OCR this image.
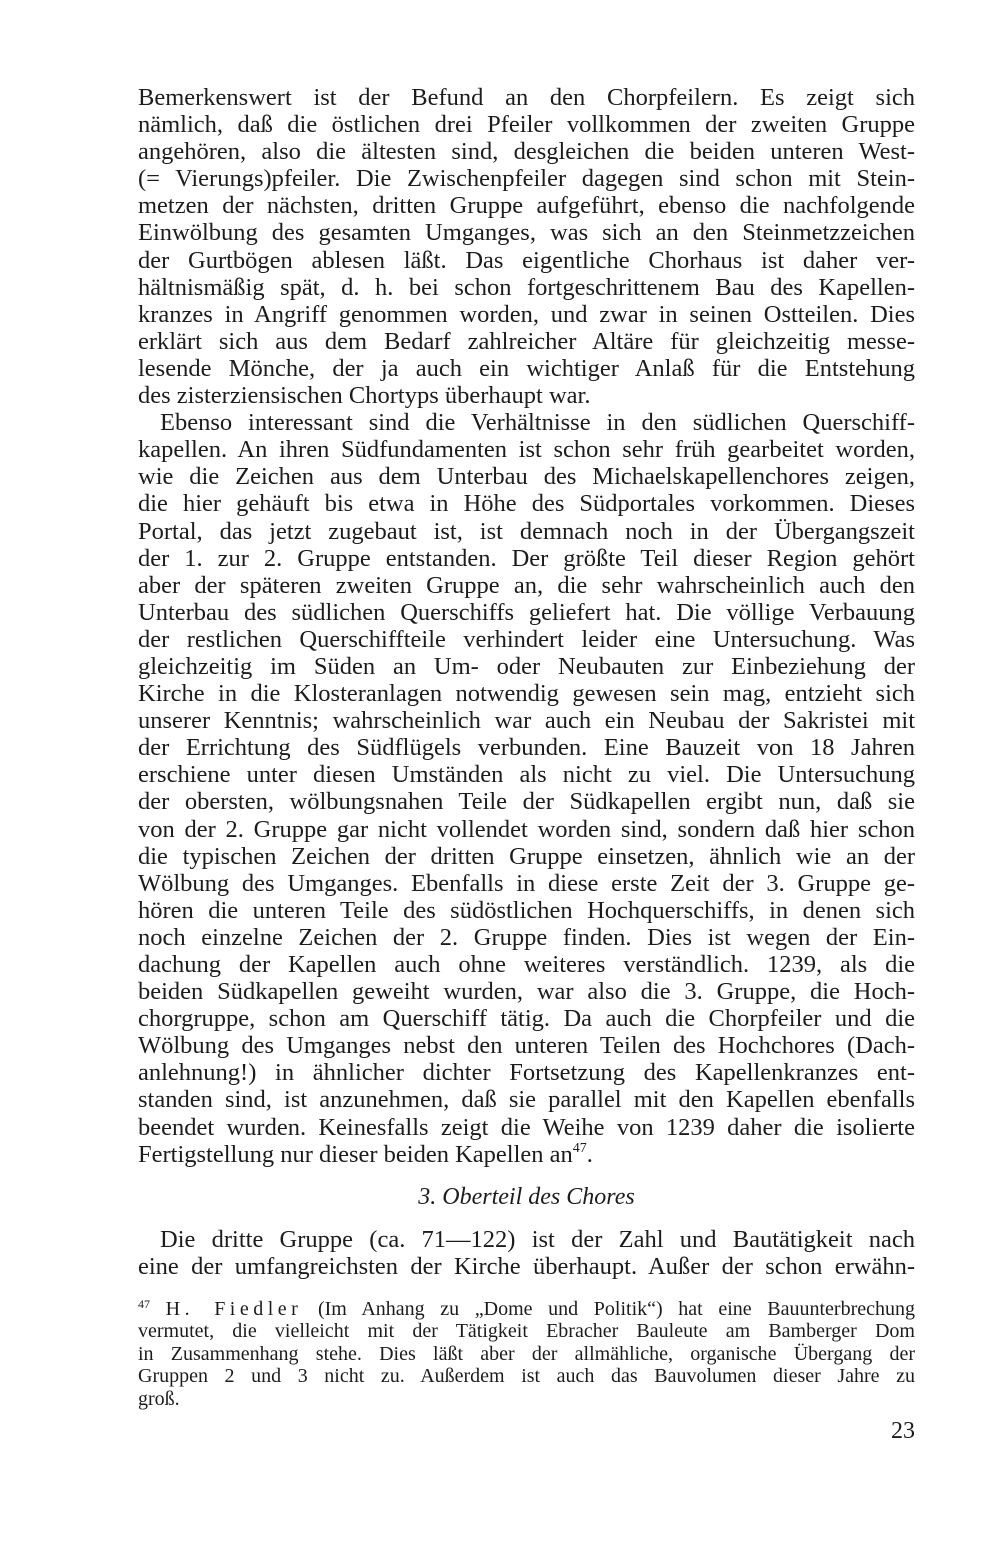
Bemerkenswert ist der Befund an den Chorpfeilern. Es zeigt sich
nämlich, daß die östlichen drei Pfeiler vollkommen der zweiten Gruppe
angehören, also die ältesten sind, desgleichen die beiden unteren West-
(= Vierungs)pfeiler. Die Zwischenpfeiler dagegen sind schon mit Stein-
metzen der nächsten, dritten Gruppe aufgeführt, ebenso die nachfolgende
Einwölbung des gesamten Umganges, was sich an den Steinmetzzeichen
der Gurtbögen ablesen läßt. Das eigentliche Chorhaus ist daher ver-
hältnismäßig spät, d. h. bei schon fortgeschrittenem Bau des Kapellen-
kranzes in Angriff genommen worden, und zwar in seinen Ostteilen. Dies
erklärt sich aus dem Bedarf zahlreicher Altäre für gleichzeitig messe-
lesende Mönche, der ja auch ein wichtiger Anlaß für die Entstehung
des zisterziensischen Chortyps überhaupt war.
Ebenso interessant sind die Verhältnisse in den südlichen Querschiff-
kapellen. An ihren Südfundamenten ist schon sehr früh gearbeitet worden,
wie die Zeichen aus dem Unterbau des Michaelskapellenchores zeigen,
die hier gehäuft bis etwa in Höhe des Südportales vorkommen. Dieses
Portal, das jetzt zugebaut ist, ist demnach noch in der Übergangszeit
der 1. zur 2. Gruppe entstanden. Der größte Teil dieser Region gehört
aber der späteren zweiten Gruppe an, die sehr wahrscheinlich auch den
Unterbau des südlichen Querschiffs geliefert hat. Die völlige Verbauung
der restlichen Querschiffteile verhindert leider eine Untersuchung. Was
gleichzeitig im Süden an Um- oder Neubauten zur Einbeziehung der
Kirche in die Klosteranlagen notwendig gewesen sein mag, entzieht sich
unserer Kenntnis; wahrscheinlich war auch ein Neubau der Sakristei mit
der Errichtung des Südflügels verbunden. Eine Bauzeit von 18 Jahren
erschiene unter diesen Umständen als nicht zu viel. Die Untersuchung
der obersten, wölbungsnahen Teile der Südkapellen ergibt nun, daß sie
von der 2. Gruppe gar nicht vollendet worden sind, sondern daß hier schon
die typischen Zeichen der dritten Gruppe einsetzen, ähnlich wie an der
Wölbung des Umganges. Ebenfalls in diese erste Zeit der 3. Gruppe ge-
hören die unteren Teile des südöstlichen Hochquerschiffs, in denen sich
noch einzelne Zeichen der 2. Gruppe finden. Dies ist wegen der Ein-
dachung der Kapellen auch ohne weiteres verständlich. 1239, als die
beiden Südkapellen geweiht wurden, war also die 3. Gruppe, die Hoch-
chorgruppe, schon am Querschiff tätig. Da auch die Chorpfeiler und die
Wölbung des Umganges nebst den unteren Teilen des Hochchores (Dach-
anlehnung!) in ähnlicher dichter Fortsetzung des Kapellenkranzes ent-
standen sind, ist anzunehmen, daß sie parallel mit den Kapellen ebenfalls
beendet wurden. Keinesfalls zeigt die Weihe von 1239 daher die isolierte
Fertigstellung nur dieser beiden Kapellen an$^{47}$.
3. Oberteil des Chores
Die dritte Gruppe (ca. 71—122) ist der Zahl und Bautätigkeit nach
eine der umfangreichsten der Kirche überhaupt. Außer der schon erwähn-
$^{47}$ H. Fiedler (Im Anhang zu „Dome und Politik“) hat eine Bauunterbrechung
vermutet, die vielleicht mit der Tätigkeit Ebracher Bauleute am Bamberger Dom
in Zusammenhang stehe. Dies läßt aber der allmähliche, organische Übergang der
Gruppen 2 und 3 nicht zu. Außerdem ist auch das Bauvolumen dieser Jahre zu
groß.
23
